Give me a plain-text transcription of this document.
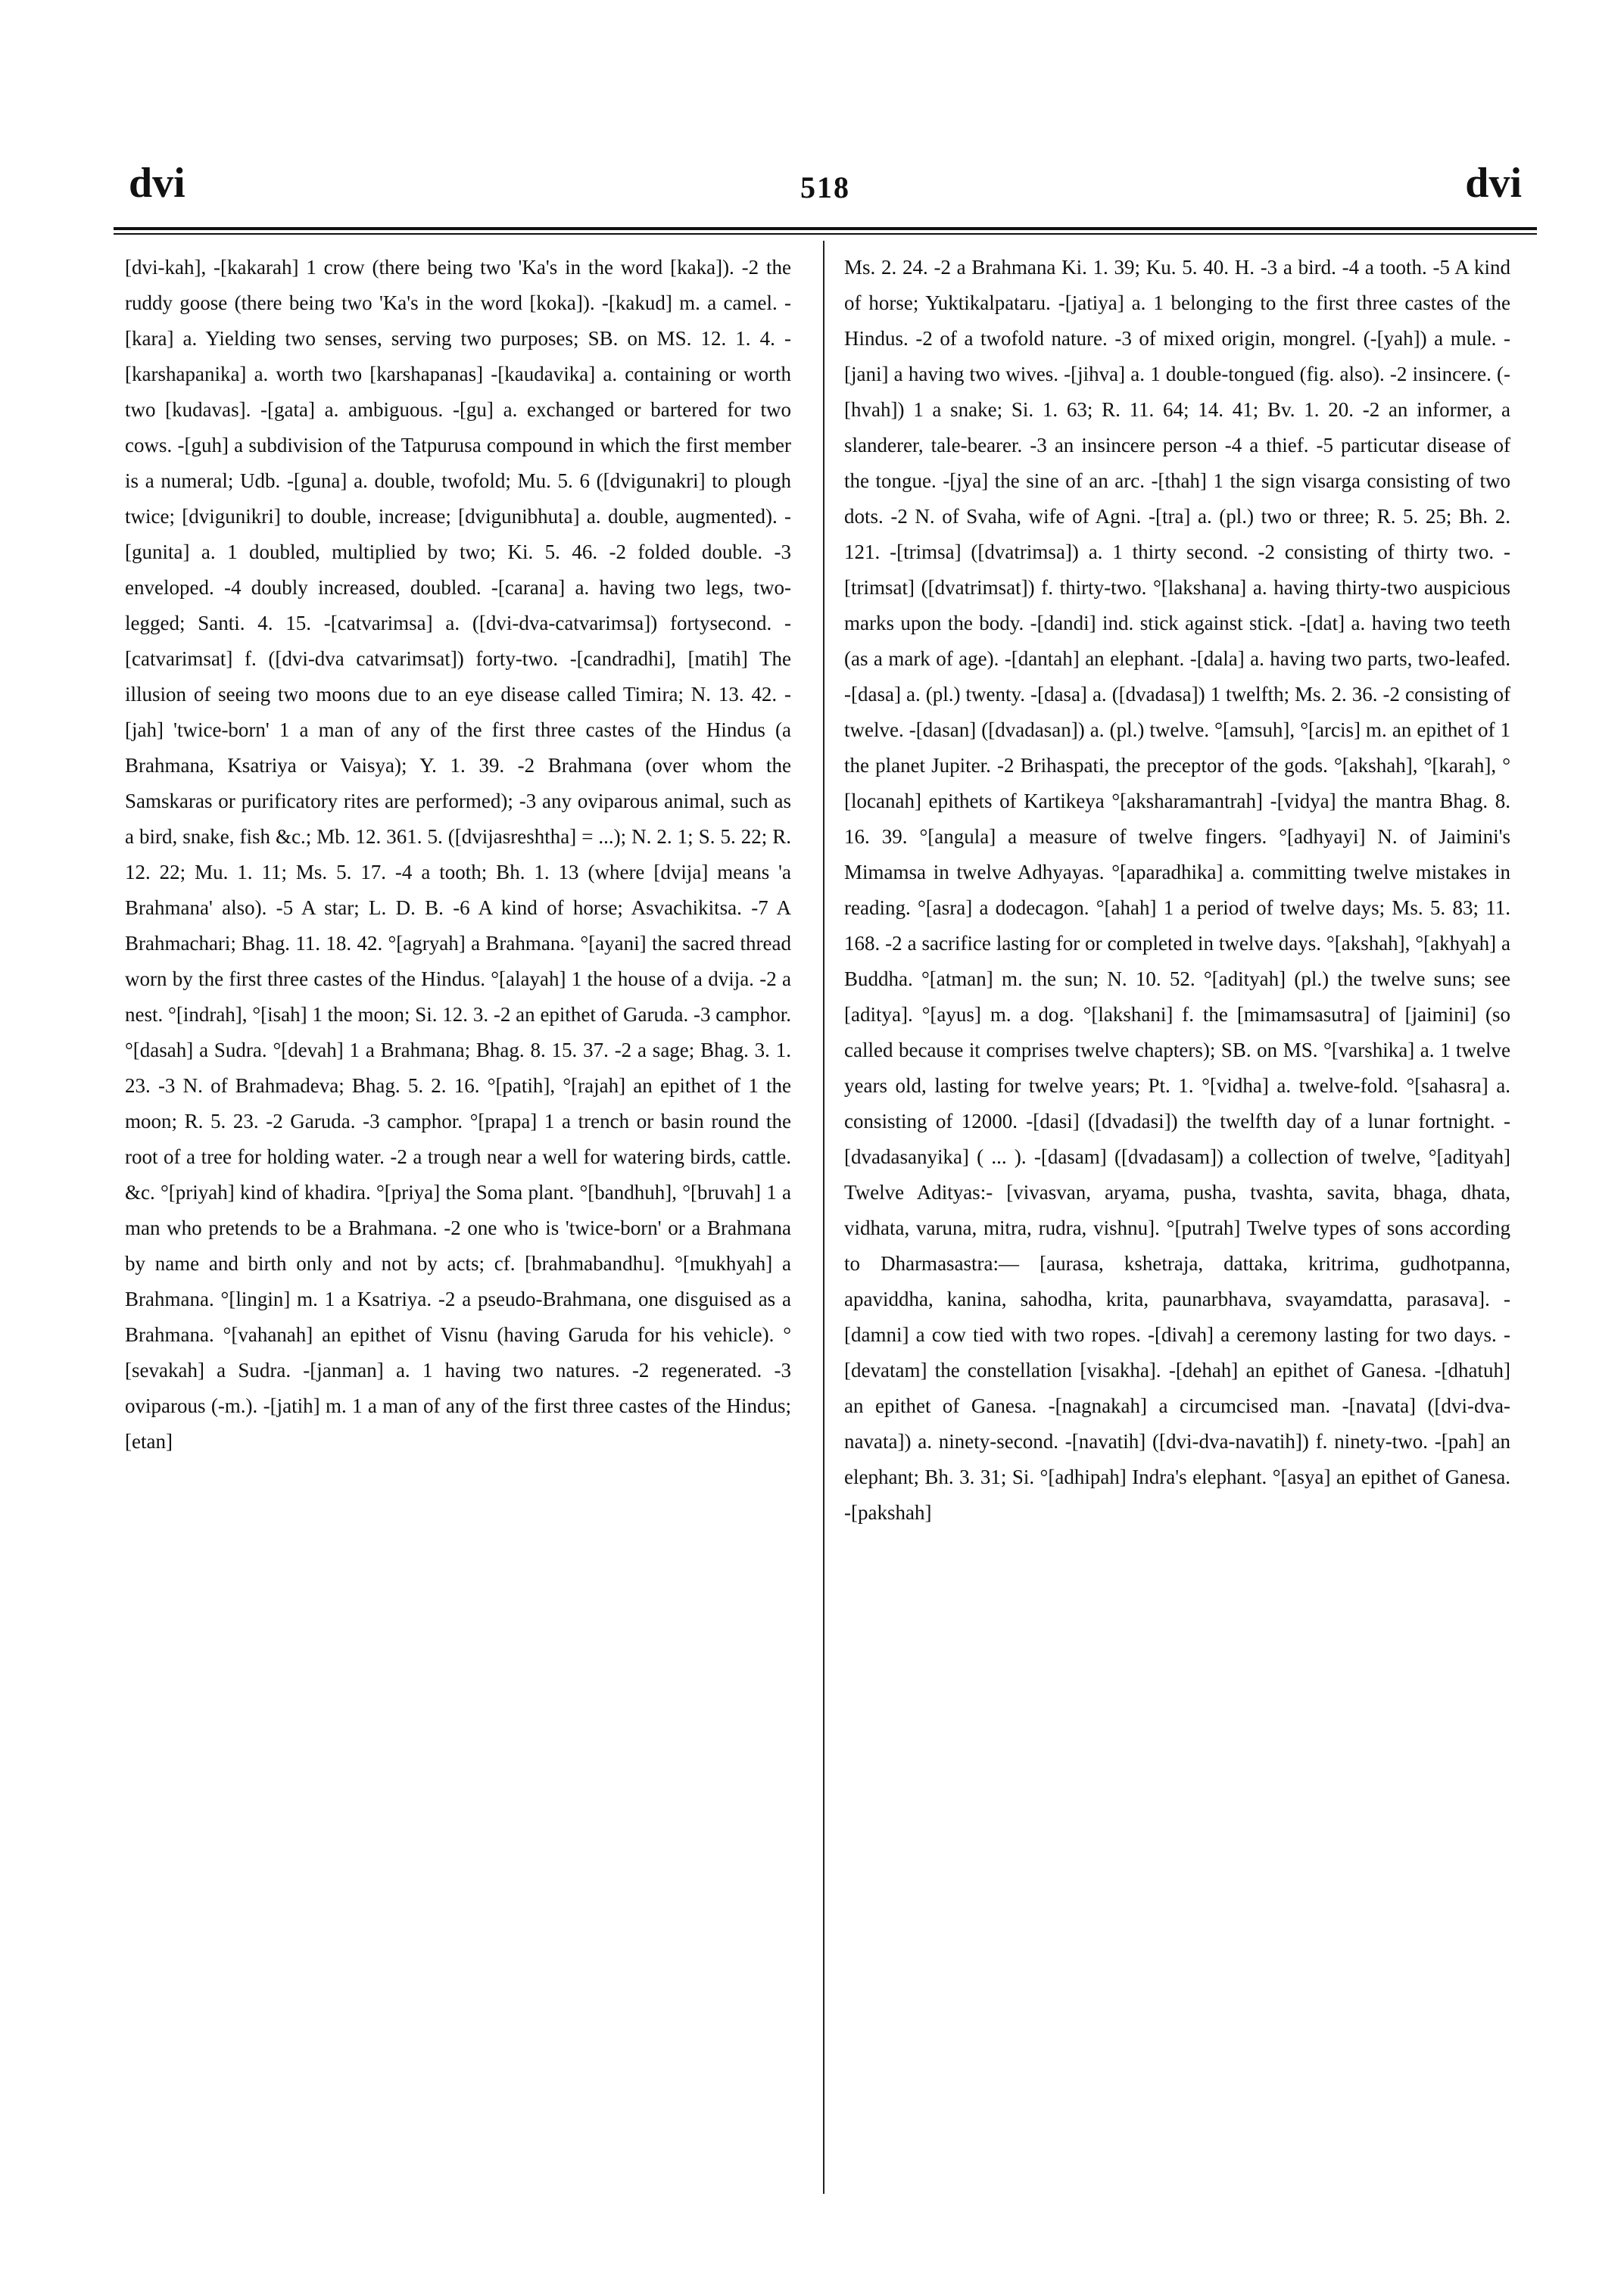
dvi	518	dvi

[dvi-kah], -[kakarah] 1 crow (there being two 'Ka's in the word [kaka]). -2 the ruddy goose (there being two 'Ka's in the word [koka]). -[kakud] m. a camel. -[kara] a. Yielding two senses, serving two purposes; SB. on MS. 12. 1. 4. -[karshapanika] a. worth two [karshapanas] -[kaudavika] a. containing or worth two [kudavas]. -[gata] a. ambiguous. -[gu] a. exchanged or bartered for two cows. -[guh] a subdivision of the Tatpurusa compound in which the first member is a numeral; Udb. -[guna] a. double, twofold; Mu. 5. 6 ([dvigunakri] to plough twice; [dvigunikri] to double, increase; [dvigunibhuta] a. double, augmented). -[gunita] a. 1 doubled, multiplied by two; Ki. 5. 46. -2 folded double. -3 enveloped. -4 doubly increased, doubled. -[carana] a. having two legs, two-legged; Santi. 4. 15. -[catvarimsa] a. ([dvi-dva-catvarimsa]) fortysecond. -[catvarimsat] f. ([dvi-dva catvarimsat]) forty-two. -[candradhi], [matih] The illusion of seeing two moons due to an eye disease called Timira; N. 13. 42. -[jah] 'twice-born' 1 a man of any of the first three castes of the Hindus (a Brahmana, Ksatriya or Vaisya); Y. 1. 39. -2 Brahmana (over whom the Samskaras or purificatory rites are performed); -3 any oviparous animal, such as a bird, snake, fish &c.; Mb. 12. 361. 5. ([dvijasreshtha] = ...); N. 2. 1; S. 5. 22; R. 12. 22; Mu. 1. 11; Ms. 5. 17. -4 a tooth; Bh. 1. 13 (where [dvija] means 'a Brahmana' also). -5 A star; L. D. B. -6 A kind of horse; Asvachikitsa. -7 A Brahmachari; Bhag. 11. 18. 42. °[agryah] a Brahmana. °[ayani] the sacred thread worn by the first three castes of the Hindus. °[alayah] 1 the house of a dvija. -2 a nest. °[indrah], °[isah] 1 the moon; Si. 12. 3. -2 an epithet of Garuda. -3 camphor. °[dasah] a Sudra. °[devah] 1 a Brahmana; Bhag. 8. 15. 37. -2 a sage; Bhag. 3. 1. 23. -3 N. of Brahmadeva; Bhag. 5. 2. 16. °[patih], °[rajah] an epithet of 1 the moon; R. 5. 23. -2 Garuda. -3 camphor. °[prapa] 1 a trench or basin round the root of a tree for holding water. -2 a trough near a well for watering birds, cattle. &c. °[priyah] kind of khadira. °[priya] the Soma plant. °[bandhuh], °[bruvah] 1 a man who pretends to be a Brahmana. -2 one who is 'twice-born' or a Brahmana by name and birth only and not by acts; cf. [brahmabandhu]. °[mukhyah] a Brahmana. °[lingin] m. 1 a Ksatriya. -2 a pseudo-Brahmana, one disguised as a Brahmana. °[vahanah] an epithet of Visnu (having Garuda for his vehicle). °[sevakah] a Sudra. -[janman] a. 1 having two natures. -2 regenerated. -3 oviparous (-m.). -[jatih] m. 1 a man of any of the first three castes of the Hindus; [etan]

Ms. 2. 24. -2 a Brahmana Ki. 1. 39; Ku. 5. 40. H. -3 a bird. -4 a tooth. -5 A kind of horse; Yuktikalpataru. -[jatiya] a. 1 belonging to the first three castes of the Hindus. -2 of a twofold nature. -3 of mixed origin, mongrel. (-[yah]) a mule. -[jani] a having two wives. -[jihva] a. 1 double-tongued (fig. also). -2 insincere. (-[hvah]) 1 a snake; Si. 1. 63; R. 11. 64; 14. 41; Bv. 1. 20. -2 an informer, a slanderer, tale-bearer. -3 an insincere person -4 a thief. -5 particutar disease of the tongue. -[jya] the sine of an arc. -[thah] 1 the sign visarga consisting of two dots. -2 N. of Svaha, wife of Agni. -[tra] a. (pl.) two or three; R. 5. 25; Bh. 2. 121. -[trimsa] ([dvatrimsa]) a. 1 thirty second. -2 consisting of thirty two. -[trimsat] ([dvatrimsat]) f. thirty-two. °[lakshana] a. having thirty-two auspicious marks upon the body. -[dandi] ind. stick against stick. -[dat] a. having two teeth (as a mark of age). -[dantah] an elephant. -[dala] a. having two parts, two-leafed. -[dasa] a. (pl.) twenty. -[dasa] a. ([dvadasa]) 1 twelfth; Ms. 2. 36. -2 consisting of twelve. -[dasan] ([dvadasan]) a. (pl.) twelve. °[amsuh], °[arcis] m. an epithet of 1 the planet Jupiter. -2 Brihaspati, the preceptor of the gods. °[akshah], °[karah], °[locanah] epithets of Kartikeya °[aksharamantrah] -[vidya] the mantra Bhag. 8. 16. 39. °[angula] a measure of twelve fingers. °[adhyayi] N. of Jaimini's Mimamsa in twelve Adhyayas. °[aparadhika] a. committing twelve mistakes in reading. °[asra] a dodecagon. °[ahah] 1 a period of twelve days; Ms. 5. 83; 11. 168. -2 a sacrifice lasting for or completed in twelve days. °[akshah], °[akhyah] a Buddha. °[atman] m. the sun; N. 10. 52. °[adityah] (pl.) the twelve suns; see [aditya]. °[ayus] m. a dog. °[lakshani] f. the [mimamsasutra] of [jaimini] (so called because it comprises twelve chapters); SB. on MS. °[varshika] a. 1 twelve years old, lasting for twelve years; Pt. 1. °[vidha] a. twelve-fold. °[sahasra] a. consisting of 12000. -[dasi] ([dvadasi]) the twelfth day of a lunar fortnight. -[dvadasanyika] ( ... ). -[dasam] ([dvadasam]) a collection of twelve, °[adityah] Twelve Adityas:- [vivasvan, aryama, pusha, tvashta, savita, bhaga, dhata, vidhata, varuna, mitra, rudra, vishnu]. °[putrah] Twelve types of sons according to Dharmasastra:— [aurasa, kshetraja, dattaka, kritrima, gudhotpanna, apaviddha, kanina, sahodha, krita, paunarbhava, svayamdatta, parasava]. -[damni] a cow tied with two ropes. -[divah] a ceremony lasting for two days. -[devatam] the constellation [visakha]. -[dehah] an epithet of Ganesa. -[dhatuh] an epithet of Ganesa. -[nagnakah] a circumcised man. -[navata] ([dvi-dva-navata]) a. ninety-second. -[navatih] ([dvi-dva-navatih]) f. ninety-two. -[pah] an elephant; Bh. 3. 31; Si. °[adhipah] Indra's elephant. °[asya] an epithet of Ganesa. -[pakshah]
